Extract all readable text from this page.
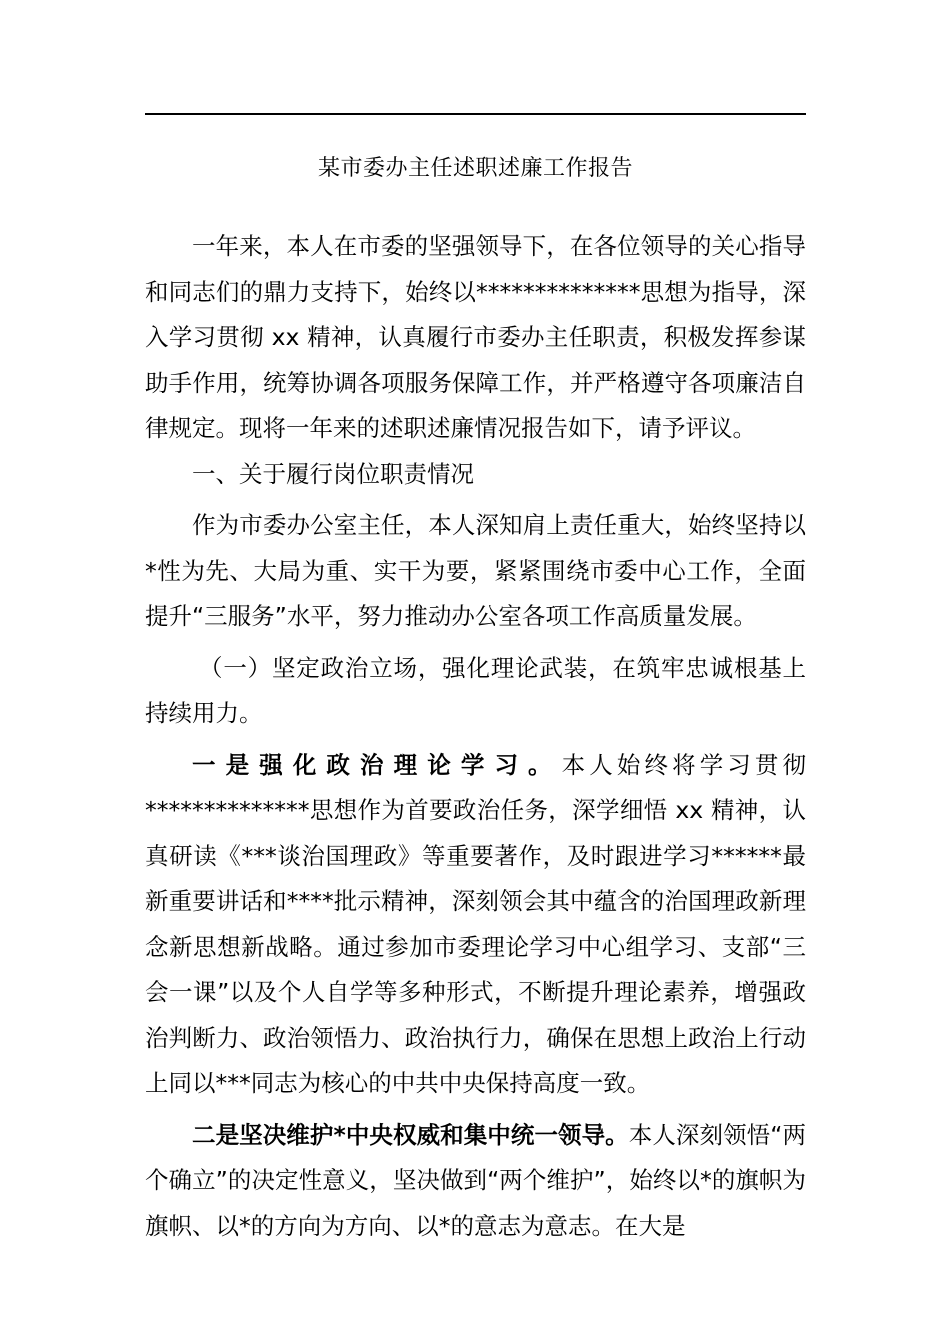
某市委办主任述职述廉工作报告

一年来，本人在市委的坚强领导下，在各位领导的关心指导和同志们的鼎力支持下，始终以**************思想为指导，深入学习贯彻 xx 精神，认真履行市委办主任职责，积极发挥参谋助手作用，统筹协调各项服务保障工作，并严格遵守各项廉洁自律规定。现将一年来的述职述廉情况报告如下，请予评议。

一、关于履行岗位职责情况

作为市委办公室主任，本人深知肩上责任重大，始终坚持以*性为先、大局为重、实干为要，紧紧围绕市委中心工作，全面提升“三服务”水平，努力推动办公室各项工作高质量发展。

（一）坚定政治立场，强化理论武装，在筑牢忠诚根基上持续用力。

一是强化政治理论学习。本人始终将学习贯彻**************思想作为首要政治任务，深学细悟 xx 精神，认真研读《***谈治国理政》等重要著作，及时跟进学习******最新重要讲话和****批示精神，深刻领会其中蕴含的治国理政新理念新思想新战略。通过参加市委理论学习中心组学习、支部“三会一课”以及个人自学等多种形式，不断提升理论素养，增强政治判断力、政治领悟力、政治执行力，确保在思想上政治上行动上同以***同志为核心的中共中央保持高度一致。

二是坚决维护*中央权威和集中统一领导。本人深刻领悟“两个确立”的决定性意义，坚决做到“两个维护”，始终以*的旗帜为旗帜、以*的方向为方向、以*的意志为意志。在大是
